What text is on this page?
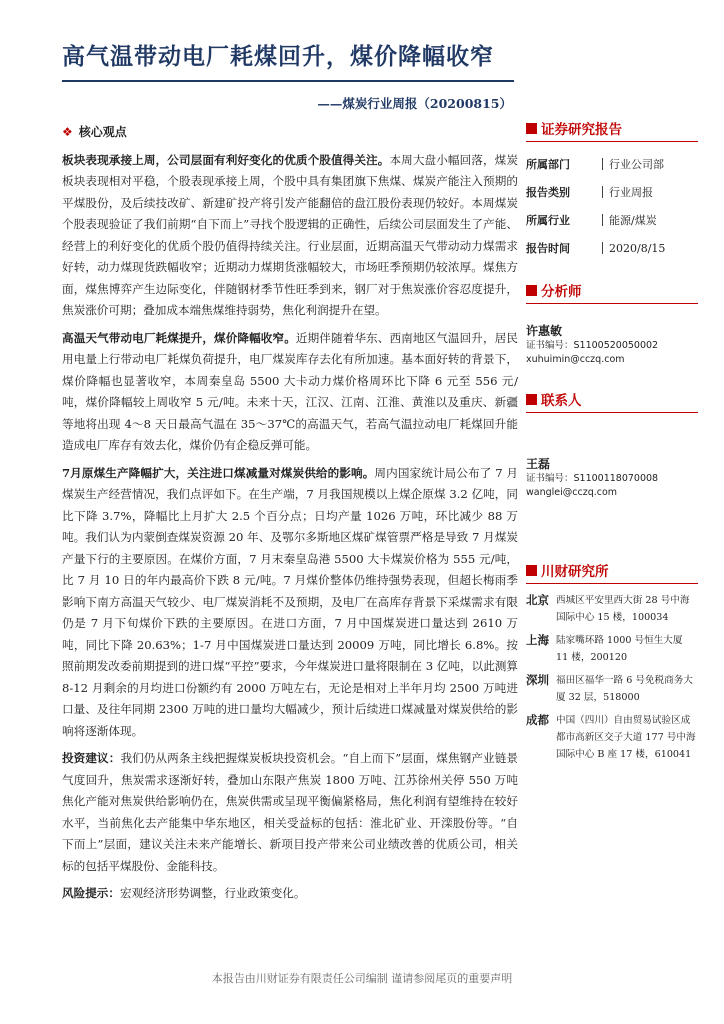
高气温带动电厂耗煤回升，煤价降幅收窄
——煤炭行业周报（20200815）
❖ 核心观点

板块表现承接上周，公司层面有利好变化的优质个股值得关注。本周大盘小幅回落，煤炭板块表现相对平稳，个股表现承接上周，个股中具有集团旗下焦煤、煤炭产能注入预期的平煤股份，及后续技改矿、新建矿投产将引发产能翻倍的盘江股份表现仍较好。本周煤炭个股表现验证了我们前期“自下而上”寻找个股逻辑的正确性，后续公司层面发生了产能、经营上的利好变化的优质个股仍值得持续关注。行业层面，近期高温天气带动动力煤需求好转，动力煤现货跌幅收窄；近期动力煤期货涨幅较大，市场旺季预期仍较浓厚。煤焦方面，煤焦博弈产生边际变化，伴随钢材季节性旺季到来，钢厂对于焦炭涨价容忍度提升，焦炭涨价可期；叠加成本端焦煤维持弱势，焦化利润提升在望。

高温天气带动电厂耗煤提升，煤价降幅收窄。近期伴随着华东、西南地区气温回升，居民用电量上行带动电厂耗煤负荷提升，电厂煤炭库存去化有所加速。基本面好转的背景下，煤价降幅也显著收窄，本周秦皇岛 5500 大卡动力煤价格周环比下降 6 元至 556 元/吨，煤价降幅较上周收窄 5 元/吨。未来十天，江汉、江南、江淮、黄淮以及重庆、新疆等地将出现 4～8 天日最高气温在 35～37℃的高温天气，若高气温拉动电厂耗煤回升能造成电厂库存有效去化，煤价仍有企稳反弹可能。

7月原煤生产降幅扩大，关注进口煤减量对煤炭供给的影响。周内国家统计局公布了 7 月煤炭生产经营情况，我们点评如下。在生产端，7 月我国规模以上煤企原煤 3.2 亿吨，同比下降 3.7%，降幅比上月扩大 2.5 个百分点；日均产量 1026 万吨，环比减少 88 万吨。我们认为内蒙倒查煤炭资源 20 年、及鄂尔多斯地区煤矿煤管票严格是导致 7 月煤炭产量下行的主要原因。在煤价方面，7 月末秦皇岛港 5500 大卡煤炭价格为 555 元/吨，比 7 月 10 日的年内最高价下跌 8 元/吨。7 月煤价整体仍维持强势表现，但超长梅雨季影响下南方高温天气较少、电厂煤炭消耗不及预期，及电厂在高库存背景下采煤需求有限仍是 7 月下旬煤价下跌的主要原因。在进口方面，7 月中国煤炭进口量达到 2610 万吨，同比下降 20.63%；1-7 月中国煤炭进口量达到 20009 万吨，同比增长 6.8%。按照前期发改委前期提到的进口煤“平控”要求，今年煤炭进口量将限制在 3 亿吨，以此测算 8-12 月剩余的月均进口份额约有 2000 万吨左右，无论是相对上半年月均 2500 万吨进口量、及往年同期 2300 万吨的进口量均大幅减少，预计后续进口煤减量对煤炭供给的影响将逐渐体现。

投资建议：我们仍从两条主线把握煤炭板块投资机会。“自上而下”层面，煤焦钢产业链景气度回升，焦炭需求逐渐好转，叠加山东限产焦炭 1800 万吨、江苏徐州关停 550 万吨焦化产能对焦炭供给影响仍在，焦炭供需或呈现平衡偏紧格局，焦化利润有望维持在较好水平，当前焦化去产能集中华东地区，相关受益标的包括：淮北矿业、开滦股份等。“自下而上”层面，建议关注未来产能增长、新项目投产带来公司业绩改善的优质公司，相关标的包括平煤股份、金能科技。

风险提示：宏观经济形势调整，行业政策变化。

证券研究报告
所属部门	行业公司部
报告类别	行业周报
所属行业	能源/煤炭
报告时间	2020/8/15
分析师
许惠敏
证书编号：S1100520050002
xuhuimin@cczq.com
联系人
王磊
证书编号：S1100118070008
wanglei@cczq.com
川财研究所
北京 西城区平安里西大街 28 号中海国际中心 15 楼，100034
上海 陆家嘴环路 1000 号恒生大厦 11 楼，200120
深圳 福田区福华一路 6 号免税商务大厦 32 层，518000
成都 中国（四川）自由贸易试验区成都市高新区交子大道 177 号中海国际中心 B 座 17 楼，610041
本报告由川财证券有限责任公司编制 谨请参阅尾页的重要声明
